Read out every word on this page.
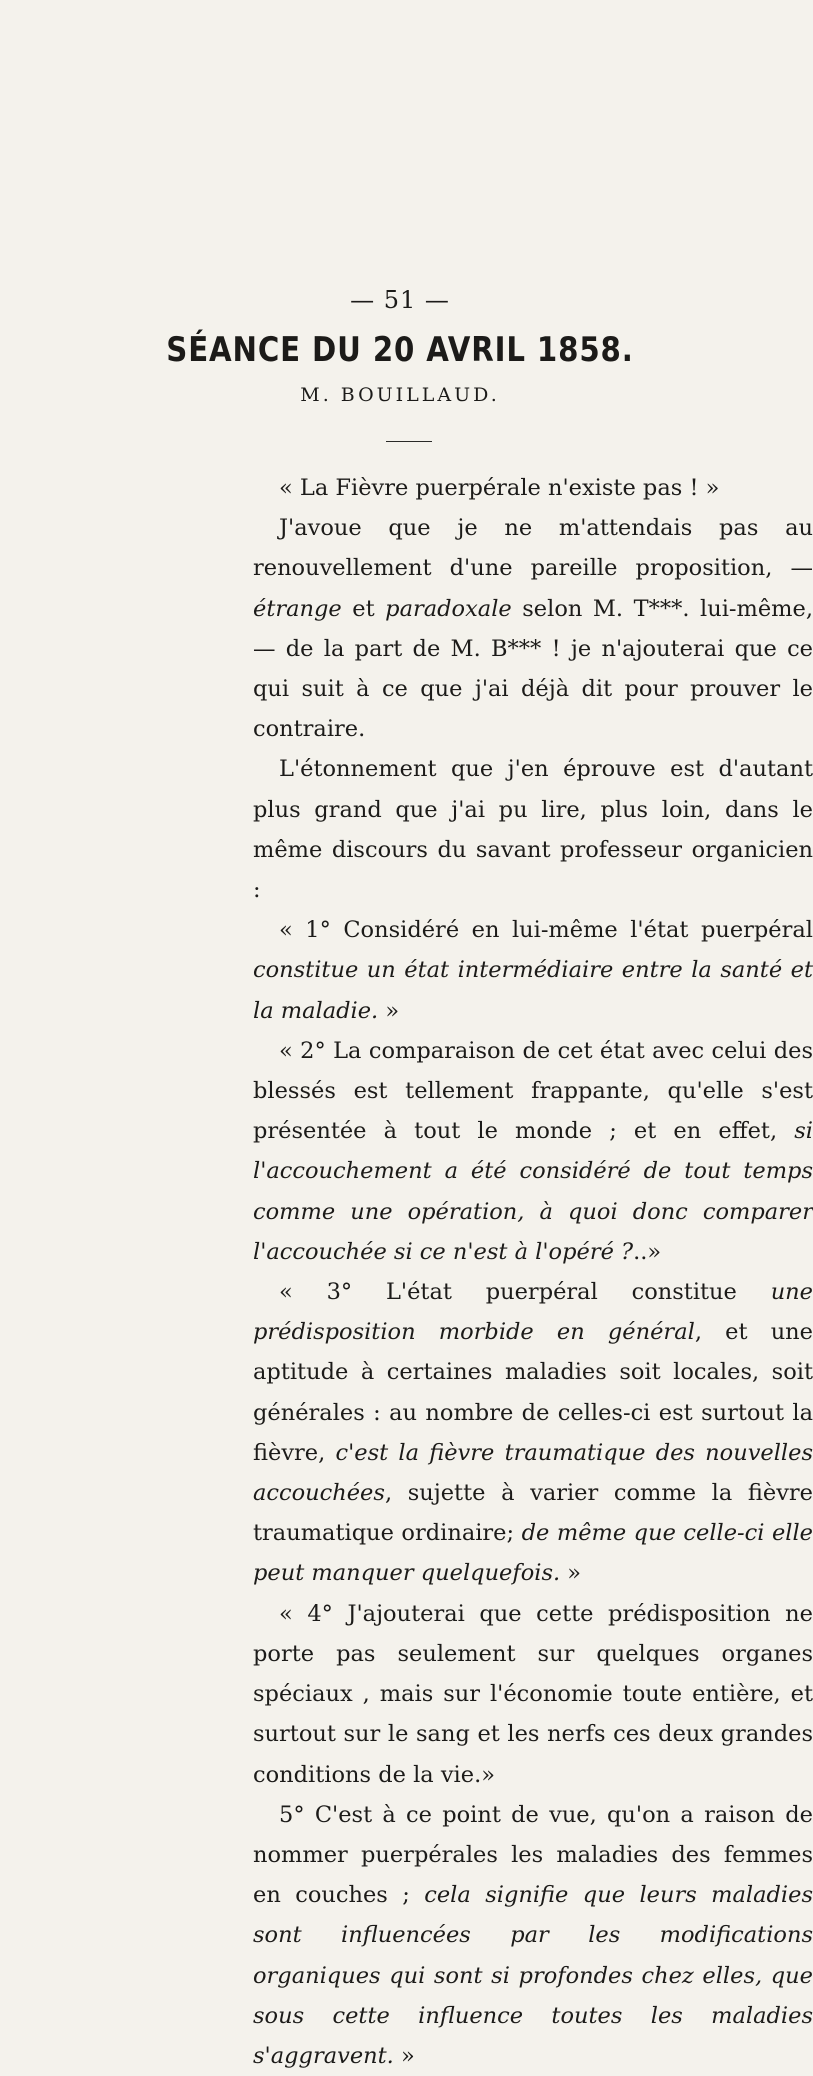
— 51 —
SÉANCE DU 20 AVRIL 1858.
M. BOUILLAUD.

« La Fièvre puerpérale n'existe pas ! »

J'avoue que je ne m'attendais pas au renouvellement d'une pareille proposition, — étrange et paradoxale selon M. T***. lui-même, — de la part de M. B*** ! je n'ajouterai que ce qui suit à ce que j'ai déjà dit pour prouver le contraire.

L'étonnement que j'en éprouve est d'autant plus grand que j'ai pu lire, plus loin, dans le même discours du savant professeur organicien :

« 1° Considéré en lui-même l'état puerpéral constitue un état intermédiaire entre la santé et la maladie. »

« 2° La comparaison de cet état avec celui des blessés est tellement frappante, qu'elle s'est présentée à tout le monde ; et en effet, si l'accouchement a été considéré de tout temps comme une opération, à quoi donc comparer l'accouchée si ce n'est à l'opéré ?..»

« 3° L'état puerpéral constitue une prédisposition morbide en général, et une aptitude à certaines maladies soit locales, soit générales : au nombre de celles-ci est surtout la fièvre, c'est la fièvre traumatique des nouvelles accouchées, sujette à varier comme la fièvre traumatique ordinaire; de même que celle-ci elle peut manquer quelquefois. »

« 4° J'ajouterai que cette prédisposition ne porte pas seulement sur quelques organes spéciaux , mais sur l'économie toute entière, et surtout sur le sang et les nerfs ces deux grandes conditions de la vie.»

5° C'est à ce point de vue, qu'on a raison de nommer puerpérales les maladies des femmes en couches ; cela signifie que leurs maladies sont influencées par les modifications organiques qui sont si profondes chez elles, que sous cette influence toutes les maladies s'aggravent. »
